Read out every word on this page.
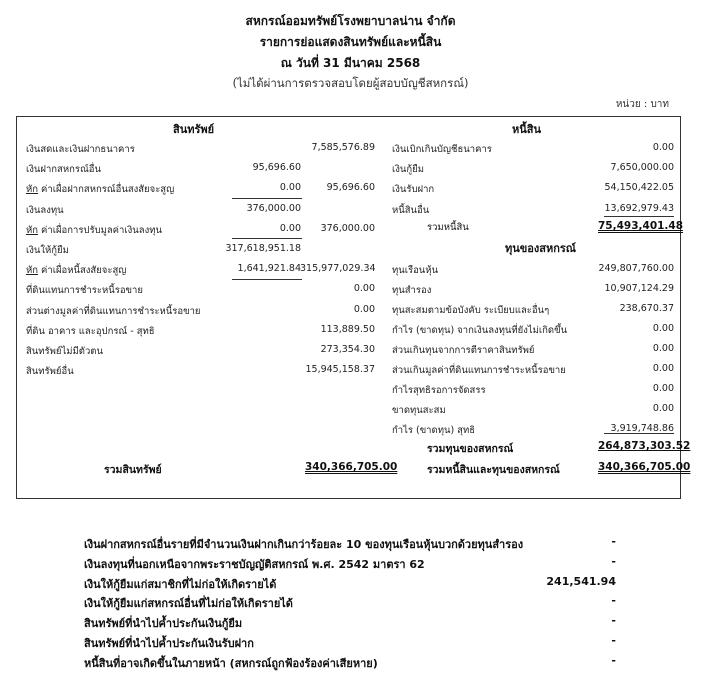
สหกรณ์ออมทรัพย์โรงพยาบาลน่าน จำกัด
รายการย่อแสดงสินทรัพย์และหนี้สิน
ณ วันที่ 31 มีนาคม 2568
(ไม่ได้ผ่านการตรวจสอบโดยผู้สอบบัญชีสหกรณ์)
หน่วย : บาท
สินทรัพย์
เงินสดและเงินฝากธนาคาร	7,585,576.89
เงินฝากสหกรณ์อื่น	95,696.60
หัก ค่าเผื่อฝากสหกรณ์อื่นสงสัยจะสูญ	0.00	95,696.60
เงินลงทุน	376,000.00
หัก ค่าเผื่อการปรับมูลค่าเงินลงทุน	0.00	376,000.00
เงินให้กู้ยืม	317,618,951.18
หัก ค่าเผื่อหนี้สงสัยจะสูญ	1,641,921.84 315,977,029.34
ที่ดินแทนการชำระหนี้รอขาย	0.00
ส่วนต่างมูลค่าที่ดินแทนการชำระหนี้รอขาย	0.00
ที่ดิน อาคาร และอุปกรณ์ - สุทธิ	113,889.50
สินทรัพย์ไม่มีตัวตน	273,354.30
สินทรัพย์อื่น	15,945,158.37
หนี้สิน
เงินเบิกเกินบัญชีธนาคาร	0.00
เงินกู้ยืม	7,650,000.00
เงินรับฝาก	54,150,422.05
หนี้สินอื่น	13,692,979.43
ทุนของสหกรณ์
ทุนเรือนหุ้น	249,807,760.00
ทุนสำรอง	10,907,124.29
ทุนสะสมตามข้อบังคับ ระเบียบและอื่นๆ	238,670.37
กำไร (ขาดทุน) จากเงินลงทุนที่ยังไม่เกิดขึ้น	0.00
ส่วนเกินทุนจากการตีราคาสินทรัพย์	0.00
ส่วนเกินมูลค่าที่ดินแทนการชำระหนี้รอขาย	0.00
กำไรสุทธิรอการจัดสรร	0.00
ขาดทุนสะสม	0.00
กำไร (ขาดทุน) สุทธิ	3,919,748.86
รวมสินทรัพย์	340,366,705.00
รวมหนี้สิน	75,493,401.48
รวมทุนของสหกรณ์	264,873,303.52
รวมหนี้สินและทุนของสหกรณ์	340,366,705.00
เงินฝากสหกรณ์อื่นรายที่มีจำนวนเงินฝากเกินกว่าร้อยละ 10 ของทุนเรือนหุ้นบวกด้วยทุนสำรอง	-
เงินลงทุนที่นอกเหนือจากพระราชบัญญัติสหกรณ์ พ.ศ. 2542 มาตรา 62	-
เงินให้กู้ยืมแก่สมาชิกที่ไม่ก่อให้เกิดรายได้	241,541.94
เงินให้กู้ยืมแก่สหกรณ์อื่นที่ไม่ก่อให้เกิดรายได้	-
สินทรัพย์ที่นำไปค้ำประกันเงินกู้ยืม	-
สินทรัพย์ที่นำไปค้ำประกันเงินรับฝาก	-
หนี้สินที่อาจเกิดขึ้นในภายหน้า (สหกรณ์ถูกฟ้องร้องค่าเสียหาย)	-
